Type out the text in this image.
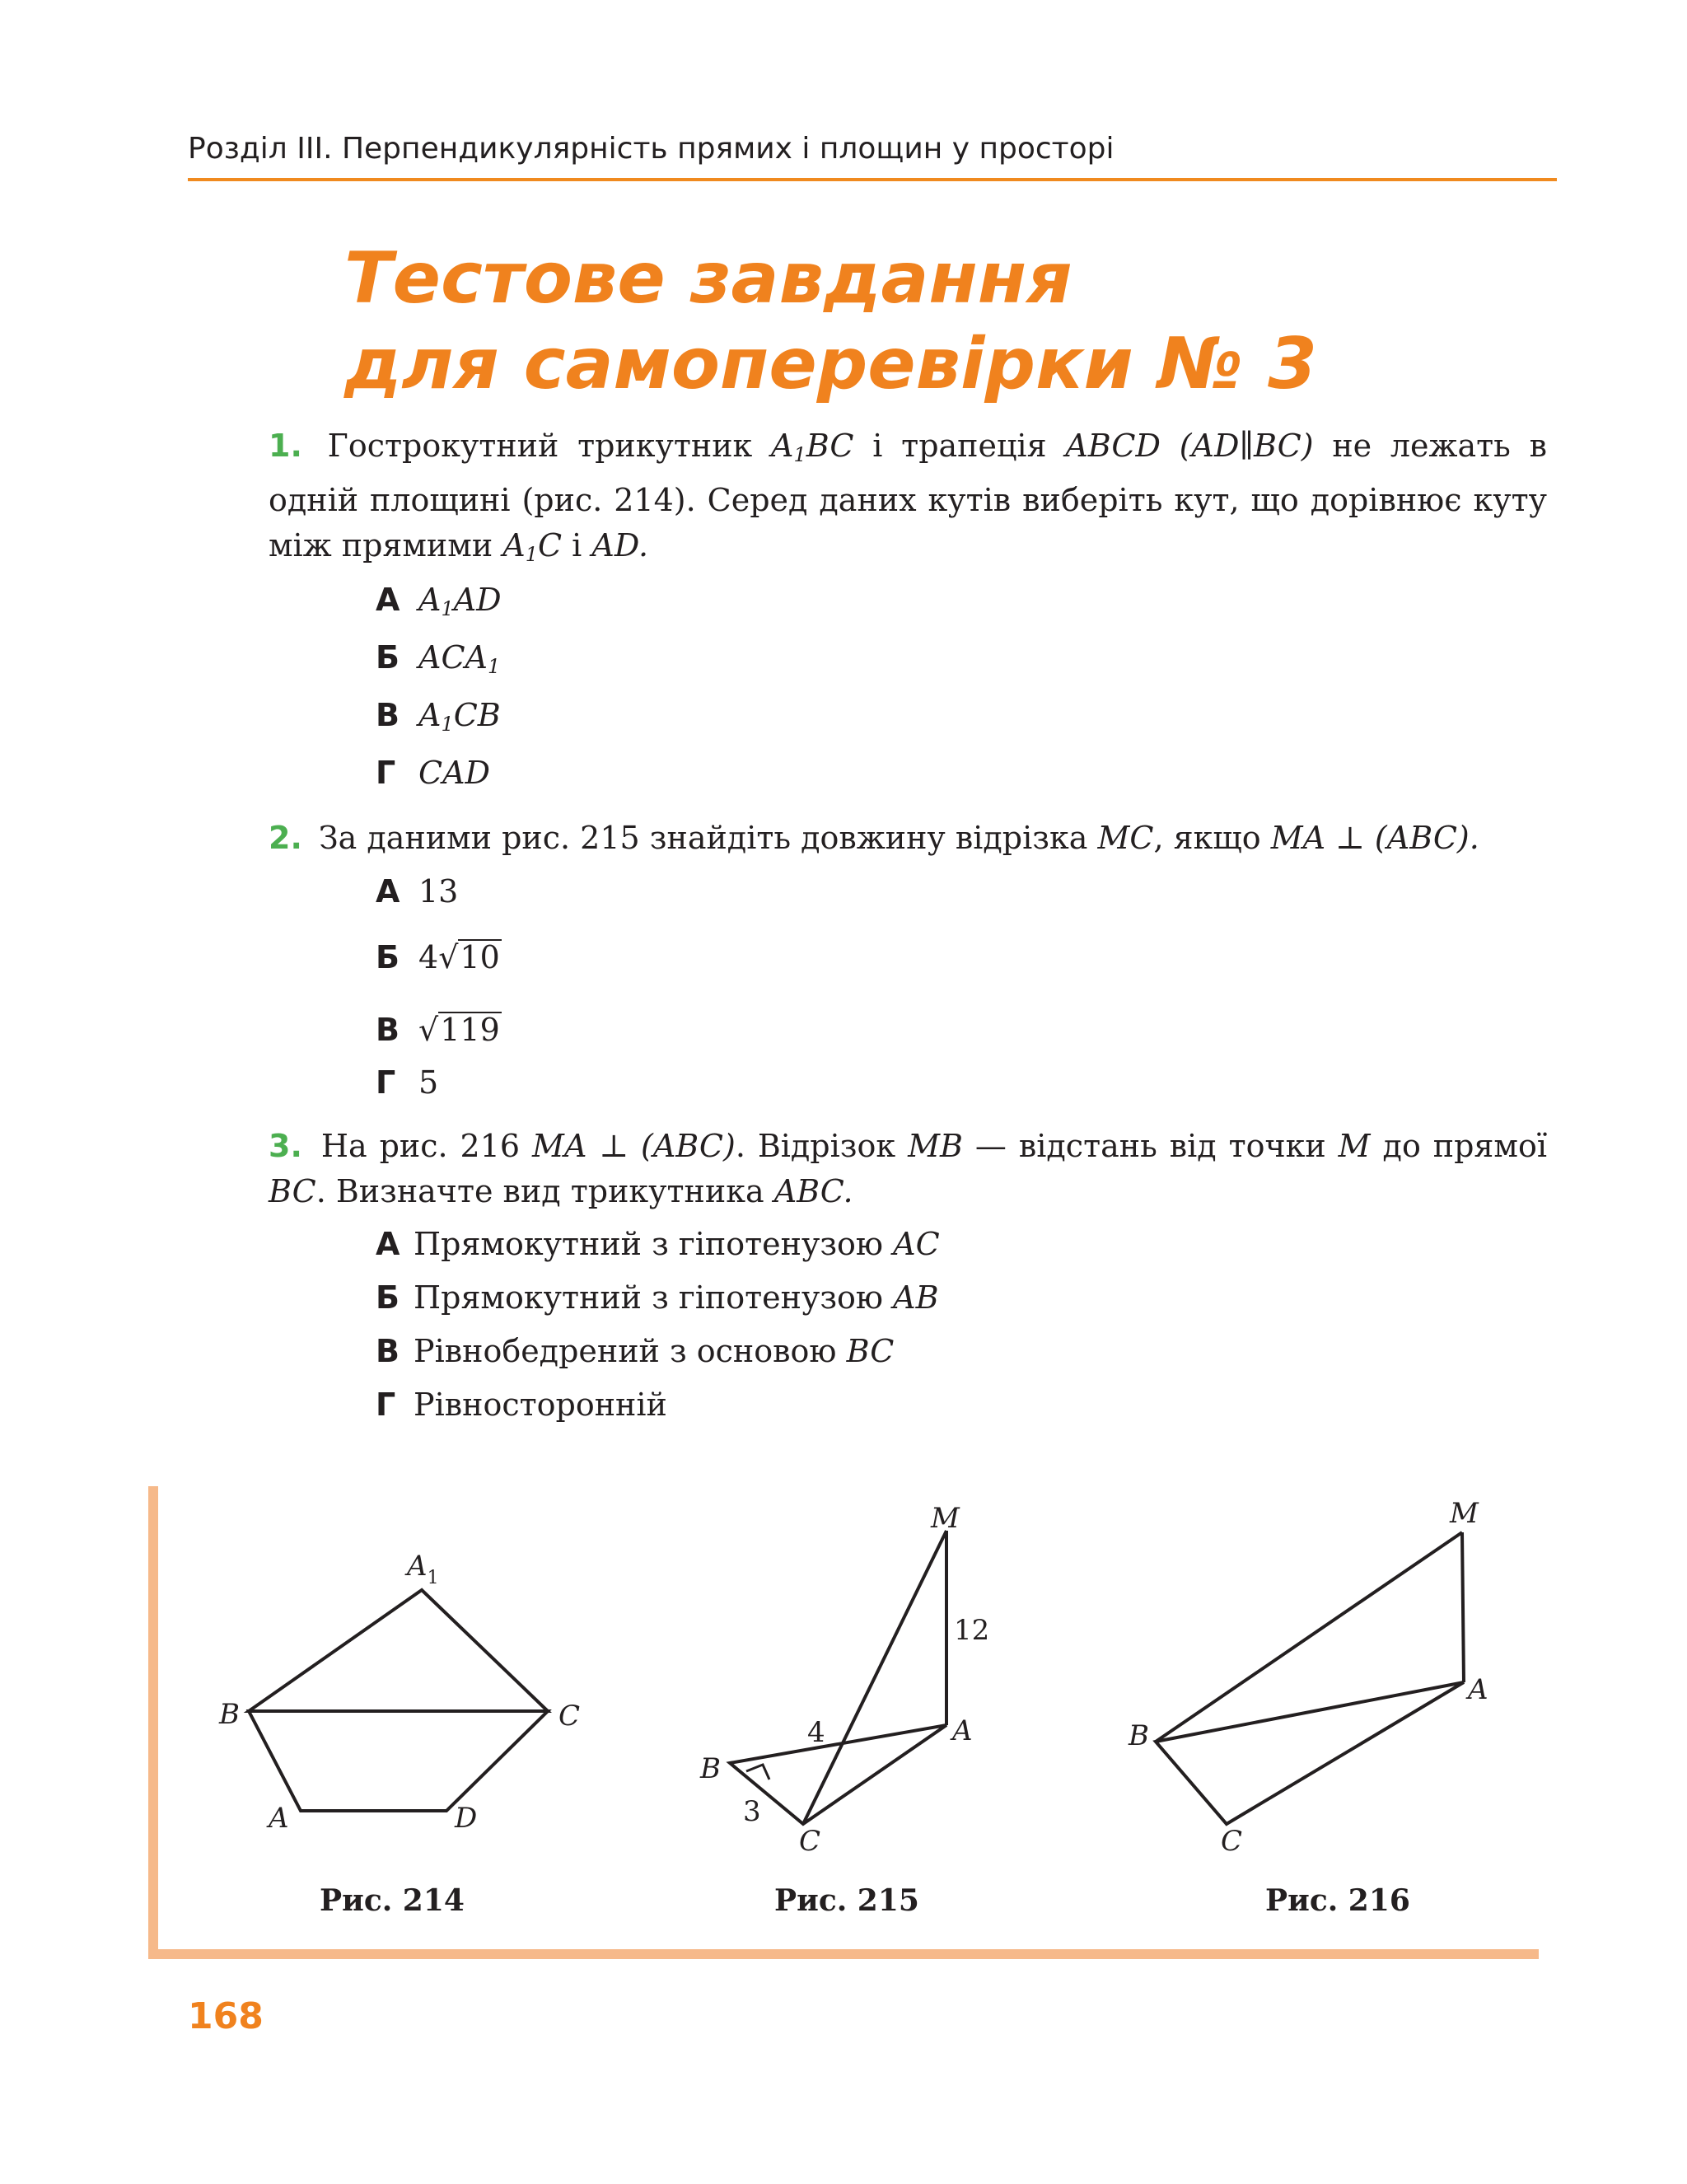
Розділ III. Перпендикулярність прямих і площин у просторі
Тестове завдання
для самоперевірки № 3
1. Гострокутний трикутник $A_1BC$ і трапеція ABCD (AD∥BC) не лежать в одній площині (рис. 214). Серед даних кутів виберіть кут, що дорівнює куту між прямими $A_1C$ і AD.
А $A_1AD$
Б $ACA_1$
В $A_1CB$
Г CAD
2. За даними рис. 215 знайдіть довжину відрізка MC, якщо MA ⊥ (ABC).
А 13
Б 4√10
В √119
Г 5
3. На рис. 216 MA ⊥ (ABC). Відрізок MB — відстань від точки M до прямої BC. Визначте вид трикутника ABC.
А Прямокутний з гіпотенузою AC
Б Прямокутний з гіпотенузою AB
В Рівнобедрений з основою BC
Г Рівносторонній
$A_1$
B	C
A	D
M
A
B
C
12
4
3
M
A
B
C
Рис. 214	Рис. 215	Рис. 216
168
